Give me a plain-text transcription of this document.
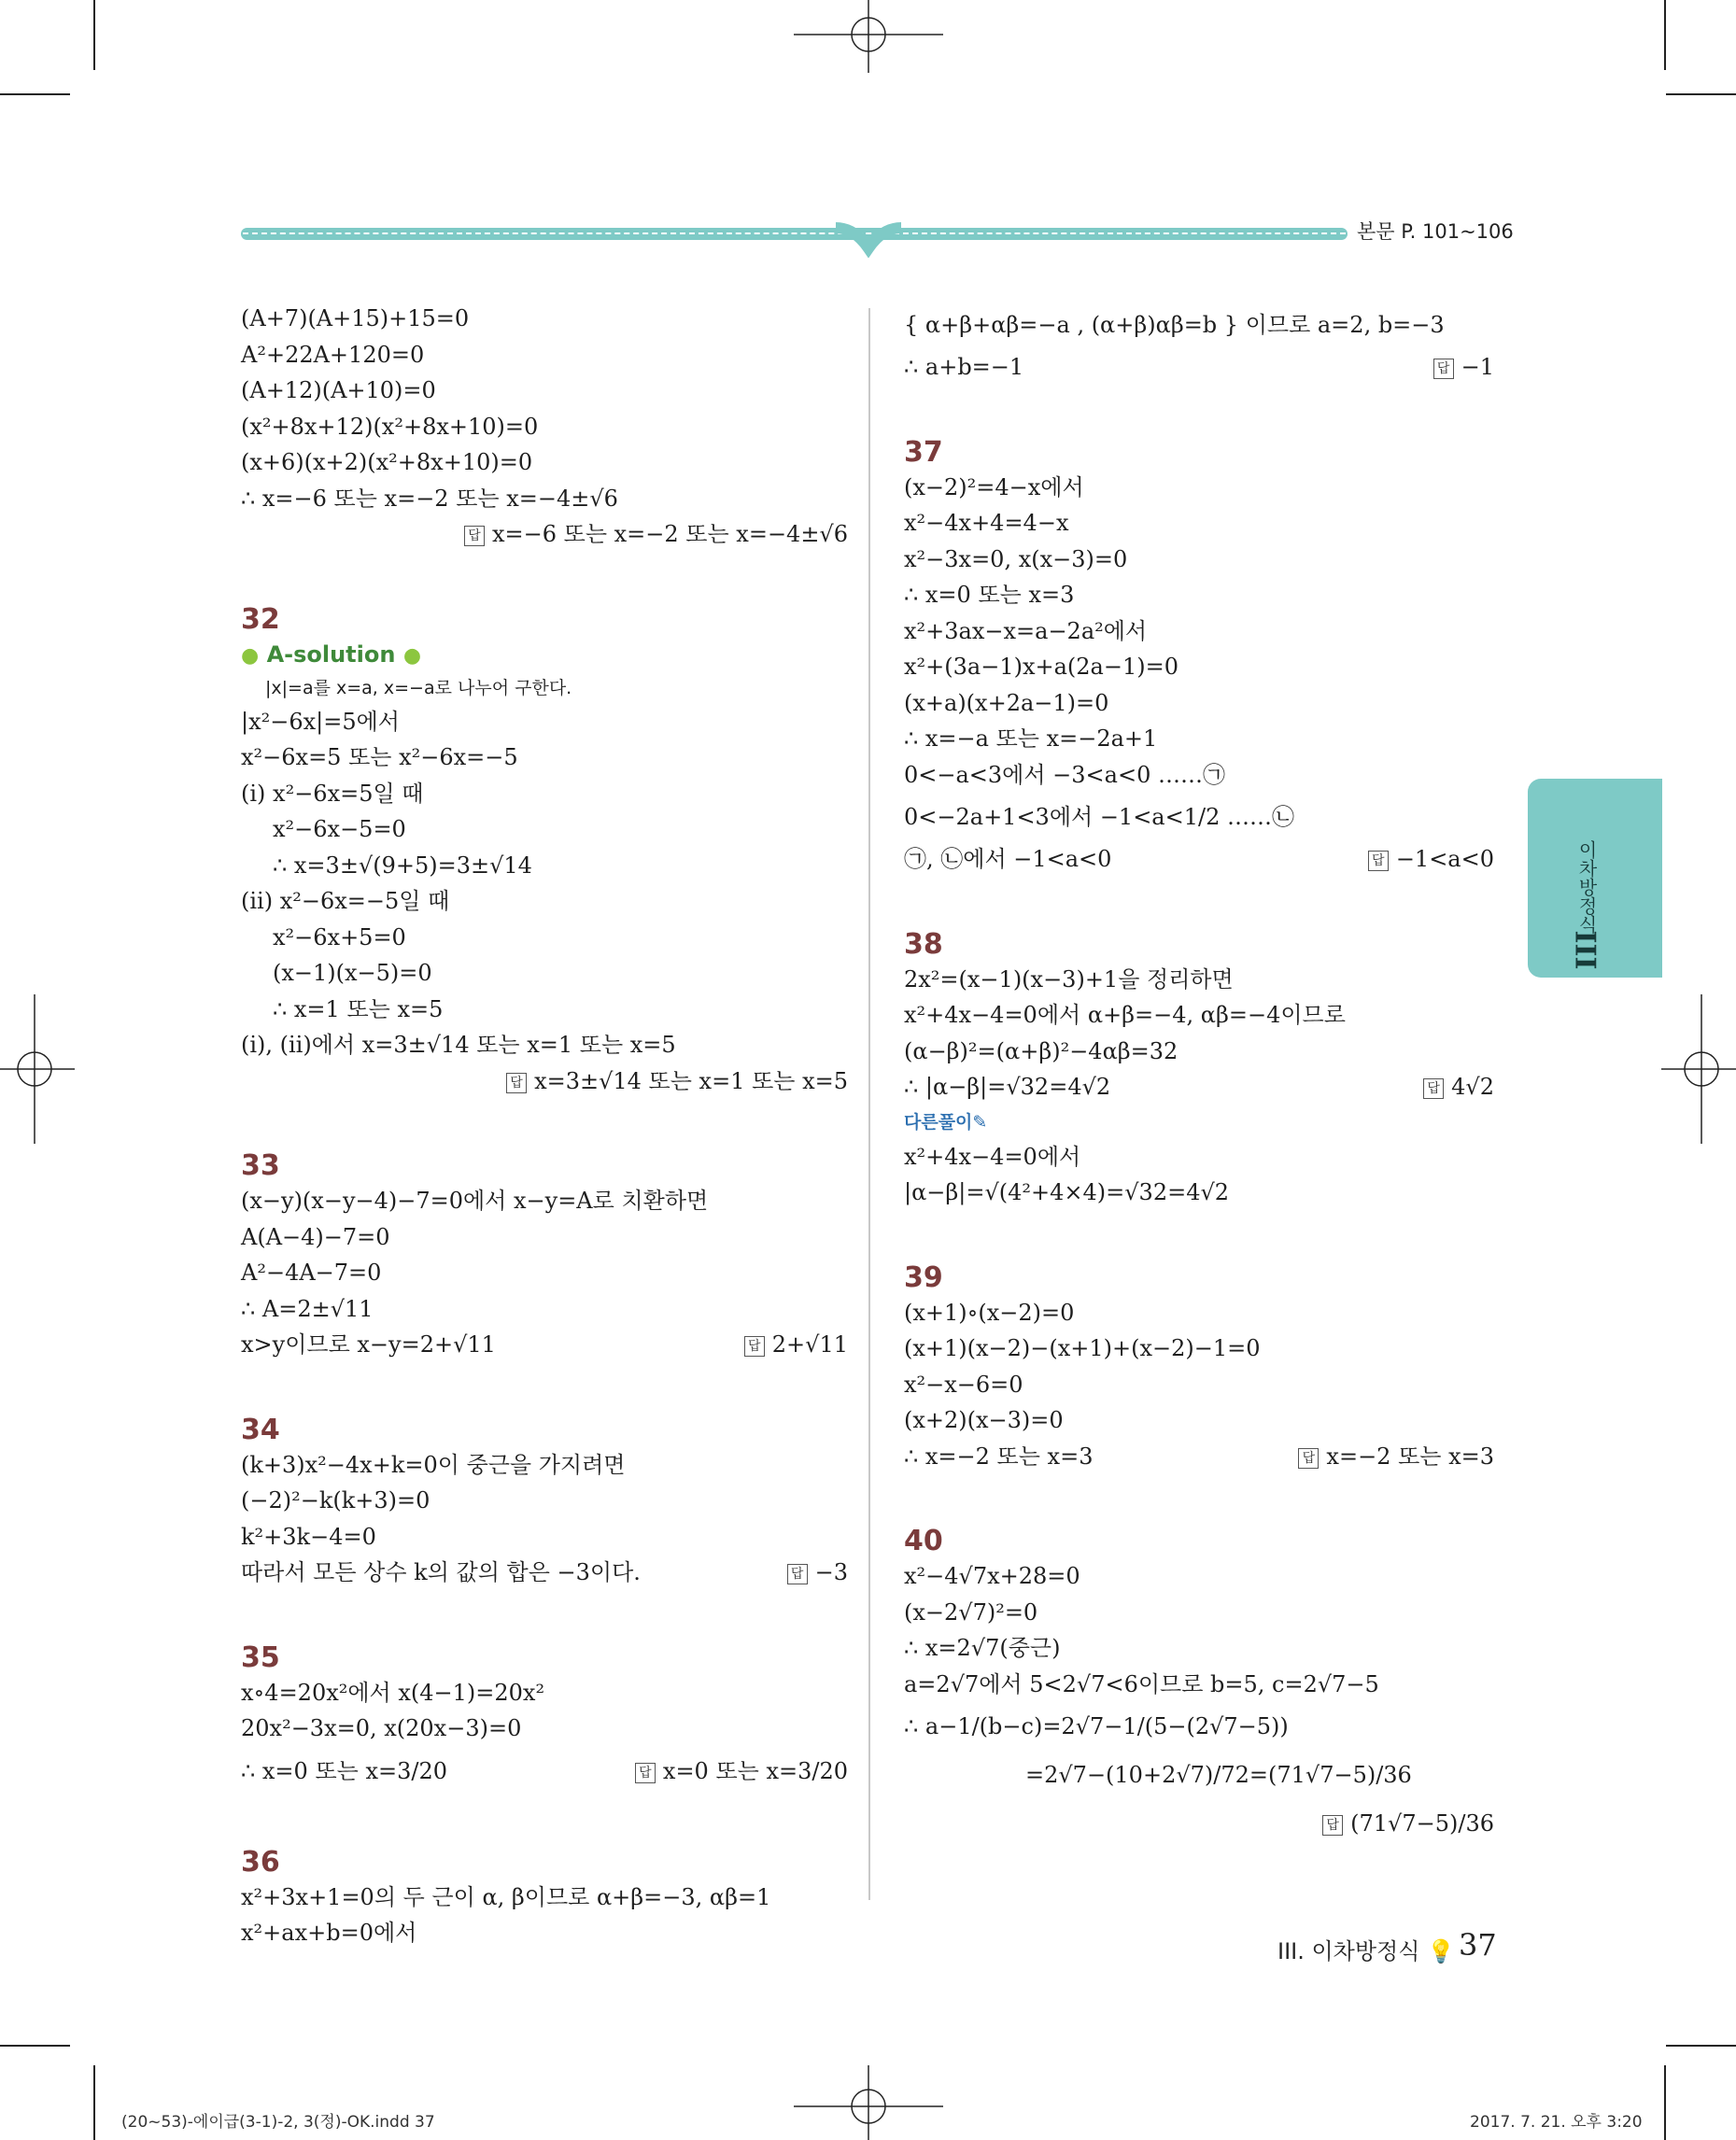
본문 P. 101~106
(A+7)(A+15)+15=0
A²+22A+120=0
(A+12)(A+10)=0
(x²+8x+12)(x²+8x+10)=0
(x+6)(x+2)(x²+8x+10)=0
∴ x=−6 또는 x=−2 또는 x=−4±√6
답 x=−6 또는 x=−2 또는 x=−4±√6
32
● A-solution ●
|x|=a를 x=a, x=−a로 나누어 구한다.
|x²−6x|=5에서
x²−6x=5 또는 x²−6x=−5
(ⅰ) x²−6x=5일 때
x²−6x−5=0
∴ x=3±√(9+5)=3±√14
(ⅱ) x²−6x=−5일 때
x²−6x+5=0
(x−1)(x−5)=0
∴ x=1 또는 x=5
(ⅰ), (ⅱ)에서 x=3±√14 또는 x=1 또는 x=5
답 x=3±√14 또는 x=1 또는 x=5
33
(x−y)(x−y−4)−7=0에서 x−y=A로 치환하면
A(A−4)−7=0
A²−4A−7=0
∴ A=2±√11
x>y이므로 x−y=2+√11	답 2+√11
34
(k+3)x²−4x+k=0이 중근을 가지려면
(−2)²−k(k+3)=0
k²+3k−4=0
따라서 모든 상수 k의 값의 합은 −3이다.	답 −3
35
x∘4=20x²에서 x(4−1)=20x²
20x²−3x=0, x(20x−3)=0
∴ x=0 또는 x=3/20	답 x=0 또는 x=3/20
36
x²+3x+1=0의 두 근이 α, β이므로 α+β=−3, αβ=1
x²+ax+b=0에서
{ α+β+αβ=−a , (α+β)αβ=b } 이므로 a=2, b=−3
∴ a+b=−1	답 −1
37
(x−2)²=4−x에서
x²−4x+4=4−x
x²−3x=0, x(x−3)=0
∴ x=0 또는 x=3
x²+3ax−x=a−2a²에서
x²+(3a−1)x+a(2a−1)=0
(x+a)(x+2a−1)=0
∴ x=−a 또는 x=−2a+1
0<−a<3에서 −3<a<0 ……㉠
0<−2a+1<3에서 −1<a<1/2 ……㉡
㉠, ㉡에서 −1<a<0	답 −1<a<0
38
2x²=(x−1)(x−3)+1을 정리하면
x²+4x−4=0에서 α+β=−4, αβ=−4이므로
(α−β)²=(α+β)²−4αβ=32
∴ |α−β|=√32=4√2	답 4√2
다른풀이✎
x²+4x−4=0에서
|α−β|=√(4²+4×4)=√32=4√2
39
(x+1)∘(x−2)=0
(x+1)(x−2)−(x+1)+(x−2)−1=0
x²−x−6=0
(x+2)(x−3)=0
∴ x=−2 또는 x=3	답 x=−2 또는 x=3
40
x²−4√7x+28=0
(x−2√7)²=0
∴ x=2√7(중근)
a=2√7에서 5<2√7<6이므로 b=5, c=2√7−5
∴ a−1/(b−c)=2√7−1/(5−(2√7−5))
=2√7−(10+2√7)/72=(71√7−5)/36
답 (71√7−5)/36
이차방정식
III
III. 이차방정식 💡 37
(20~53)-에이급(3-1)-2, 3(정)-OK.indd 37	2017. 7. 21. 오후 3:20
